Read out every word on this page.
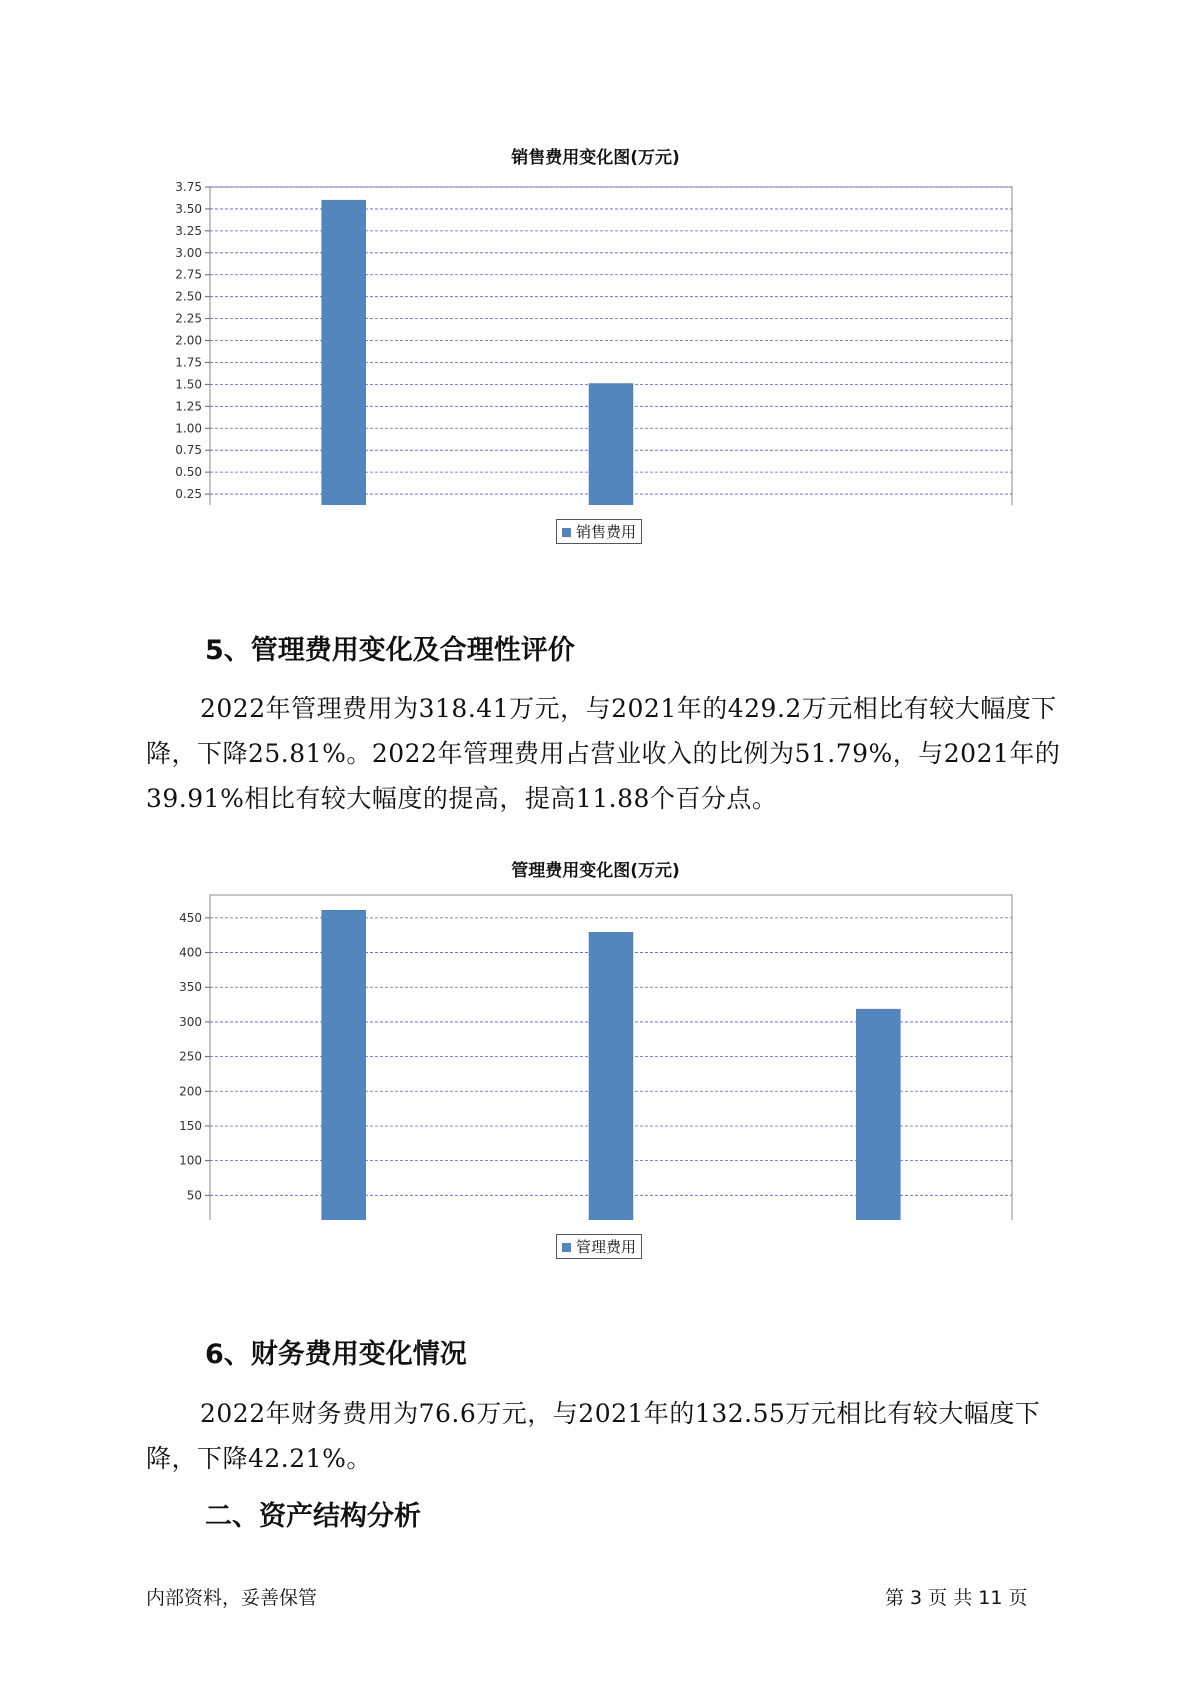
销售费用变化图(万元)
0.25
0.50
0.75
1.00
1.25
1.50
1.75
2.00
2.25
2.50
2.75
3.00
3.25
3.50
3.75
销售费用
5、管理费用变化及合理性评价
2022年管理费用为318.41万元，与2021年的429.2万元相比有较大幅度下降，下降25.81%。2022年管理费用占营业收入的比例为51.79%，与2021年的39.91%相比有较大幅度的提高，提高11.88个百分点。
管理费用变化图(万元)
50
100
150
200
250
300
350
400
450
管理费用
6、财务费用变化情况
2022年财务费用为76.6万元，与2021年的132.55万元相比有较大幅度下降，下降42.21%。
二、资产结构分析
内部资料，妥善保管	第 3 页 共 11 页
